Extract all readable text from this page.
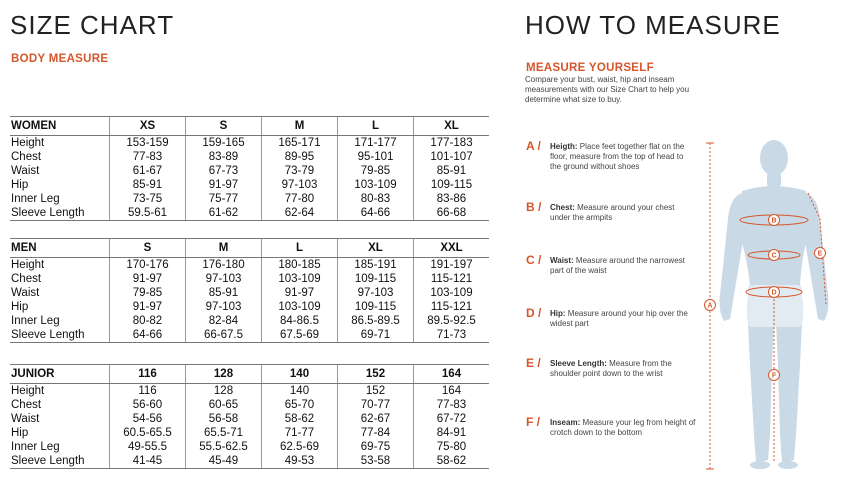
SIZE CHART
BODY MEASURE
WOMEN	XS	S	M	L	XL
Height	153-159	159-165	165-171	171-177	177-183
Chest	77-83	83-89	89-95	95-101	101-107
Waist	61-67	67-73	73-79	79-85	85-91
Hip	85-91	91-97	97-103	103-109	109-115
Inner Leg	73-75	75-77	77-80	80-83	83-86
Sleeve Length	59.5-61	61-62	62-64	64-66	66-68
MEN	S	M	L	XL	XXL
Height	170-176	176-180	180-185	185-191	191-197
Chest	91-97	97-103	103-109	109-115	115-121
Waist	79-85	85-91	91-97	97-103	103-109
Hip	91-97	97-103	103-109	109-115	115-121
Inner Leg	80-82	82-84	84-86.5	86.5-89.5	89.5-92.5
Sleeve Length	64-66	66-67.5	67.5-69	69-71	71-73
JUNIOR	116	128	140	152	164
Height	116	128	140	152	164
Chest	56-60	60-65	65-70	70-77	77-83
Waist	54-56	56-58	58-62	62-67	67-72
Hip	60.5-65.5	65.5-71	71-77	77-84	84-91
Inner Leg	49-55.5	55.5-62.5	62.5-69	69-75	75-80
Sleeve Length	41-45	45-49	49-53	53-58	58-62
HOW TO MEASURE
MEASURE YOURSELF
Compare your bust, waist, hip and inseam measurements with our Size Chart to help you determine what size to buy.
A /	Heigth: Place feet together flat on the floor, measure from the top of head to the ground without shoes
B /	Chest: Measure around your chest under the armpits
C /	Waist: Measure around the narrowest part of the waist
D /	Hip: Measure around your hip over the widest part
E /	Sleeve Length: Measure from the shoulder point down to the wrist
F /	Inseam: Measure your leg from height of crotch down to the bottom
A
B
C
D
E
F
